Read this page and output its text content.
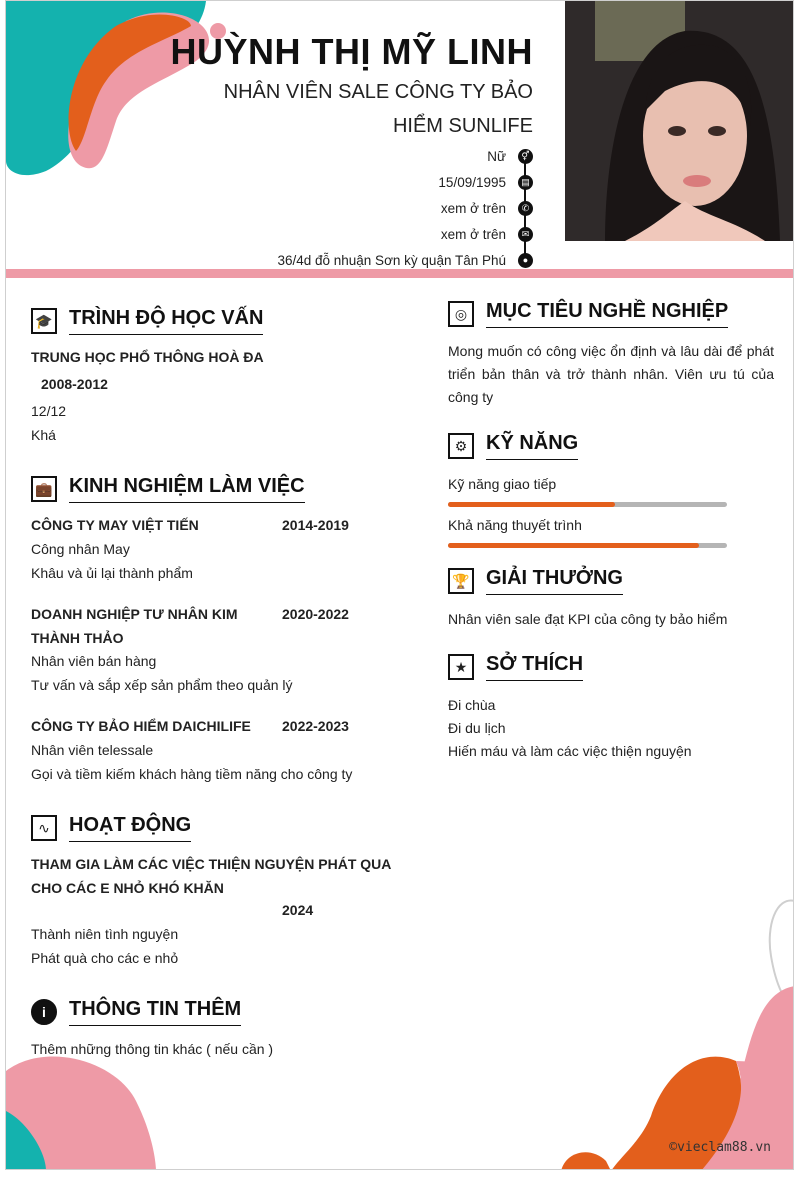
HUỲNH THỊ MỸ LINH
NHÂN VIÊN SALE CÔNG TY BẢO HIỂM SUNLIFE
Nữ	⚥
15/09/1995	▤
xem ở trên	✆
xem ở trên	✉
36/4d đỗ nhuận Sơn kỳ quận Tân Phú	●
🎓 TRÌNH ĐỘ HỌC VẤN
TRUNG HỌC PHỔ THÔNG HOÀ ĐA
2008-2012
12/12
Khá
💼 KINH NGHIỆM LÀM VIỆC
CÔNG TY MAY VIỆT TIẾN	2014-2019
Công nhân May
Khâu và ủi lại thành phẩm
DOANH NGHIỆP TƯ NHÂN KIM THÀNH THẢO
2020-2022
Nhân viên bán hàng
Tư vấn và sắp xếp sản phẩm theo quản lý
CÔNG TY BẢO HIỂM DAICHILIFE	2022-2023
Nhân viên telessale
Gọi và tiềm kiếm khách hàng tiềm năng cho công ty
∿ HOẠT ĐỘNG
THAM GIA LÀM CÁC VIỆC THIỆN NGUYỆN PHÁT QUA CHO CÁC E NHỎ KHÓ KHĂN
2024
Thành niên tình nguyện
Phát quà cho các e nhỏ
i	THÔNG TIN THÊM
Thêm những thông tin khác ( nếu cần )
◎ MỤC TIÊU NGHỀ NGHIỆP
Mong muốn có công việc ổn định và lâu dài để phát triển bản thân và trở thành nhân. Viên ưu tú của công ty
⚙ KỸ NĂNG
Kỹ năng giao tiếp
Khả năng thuyết trình
🏆 GIẢI THƯỞNG
Nhân viên sale đạt KPI của công ty bảo hiểm
★ SỞ THÍCH
Đi chùa
Đi du lịch
Hiến máu và làm các việc thiện nguyện
©vieclam88.vn
